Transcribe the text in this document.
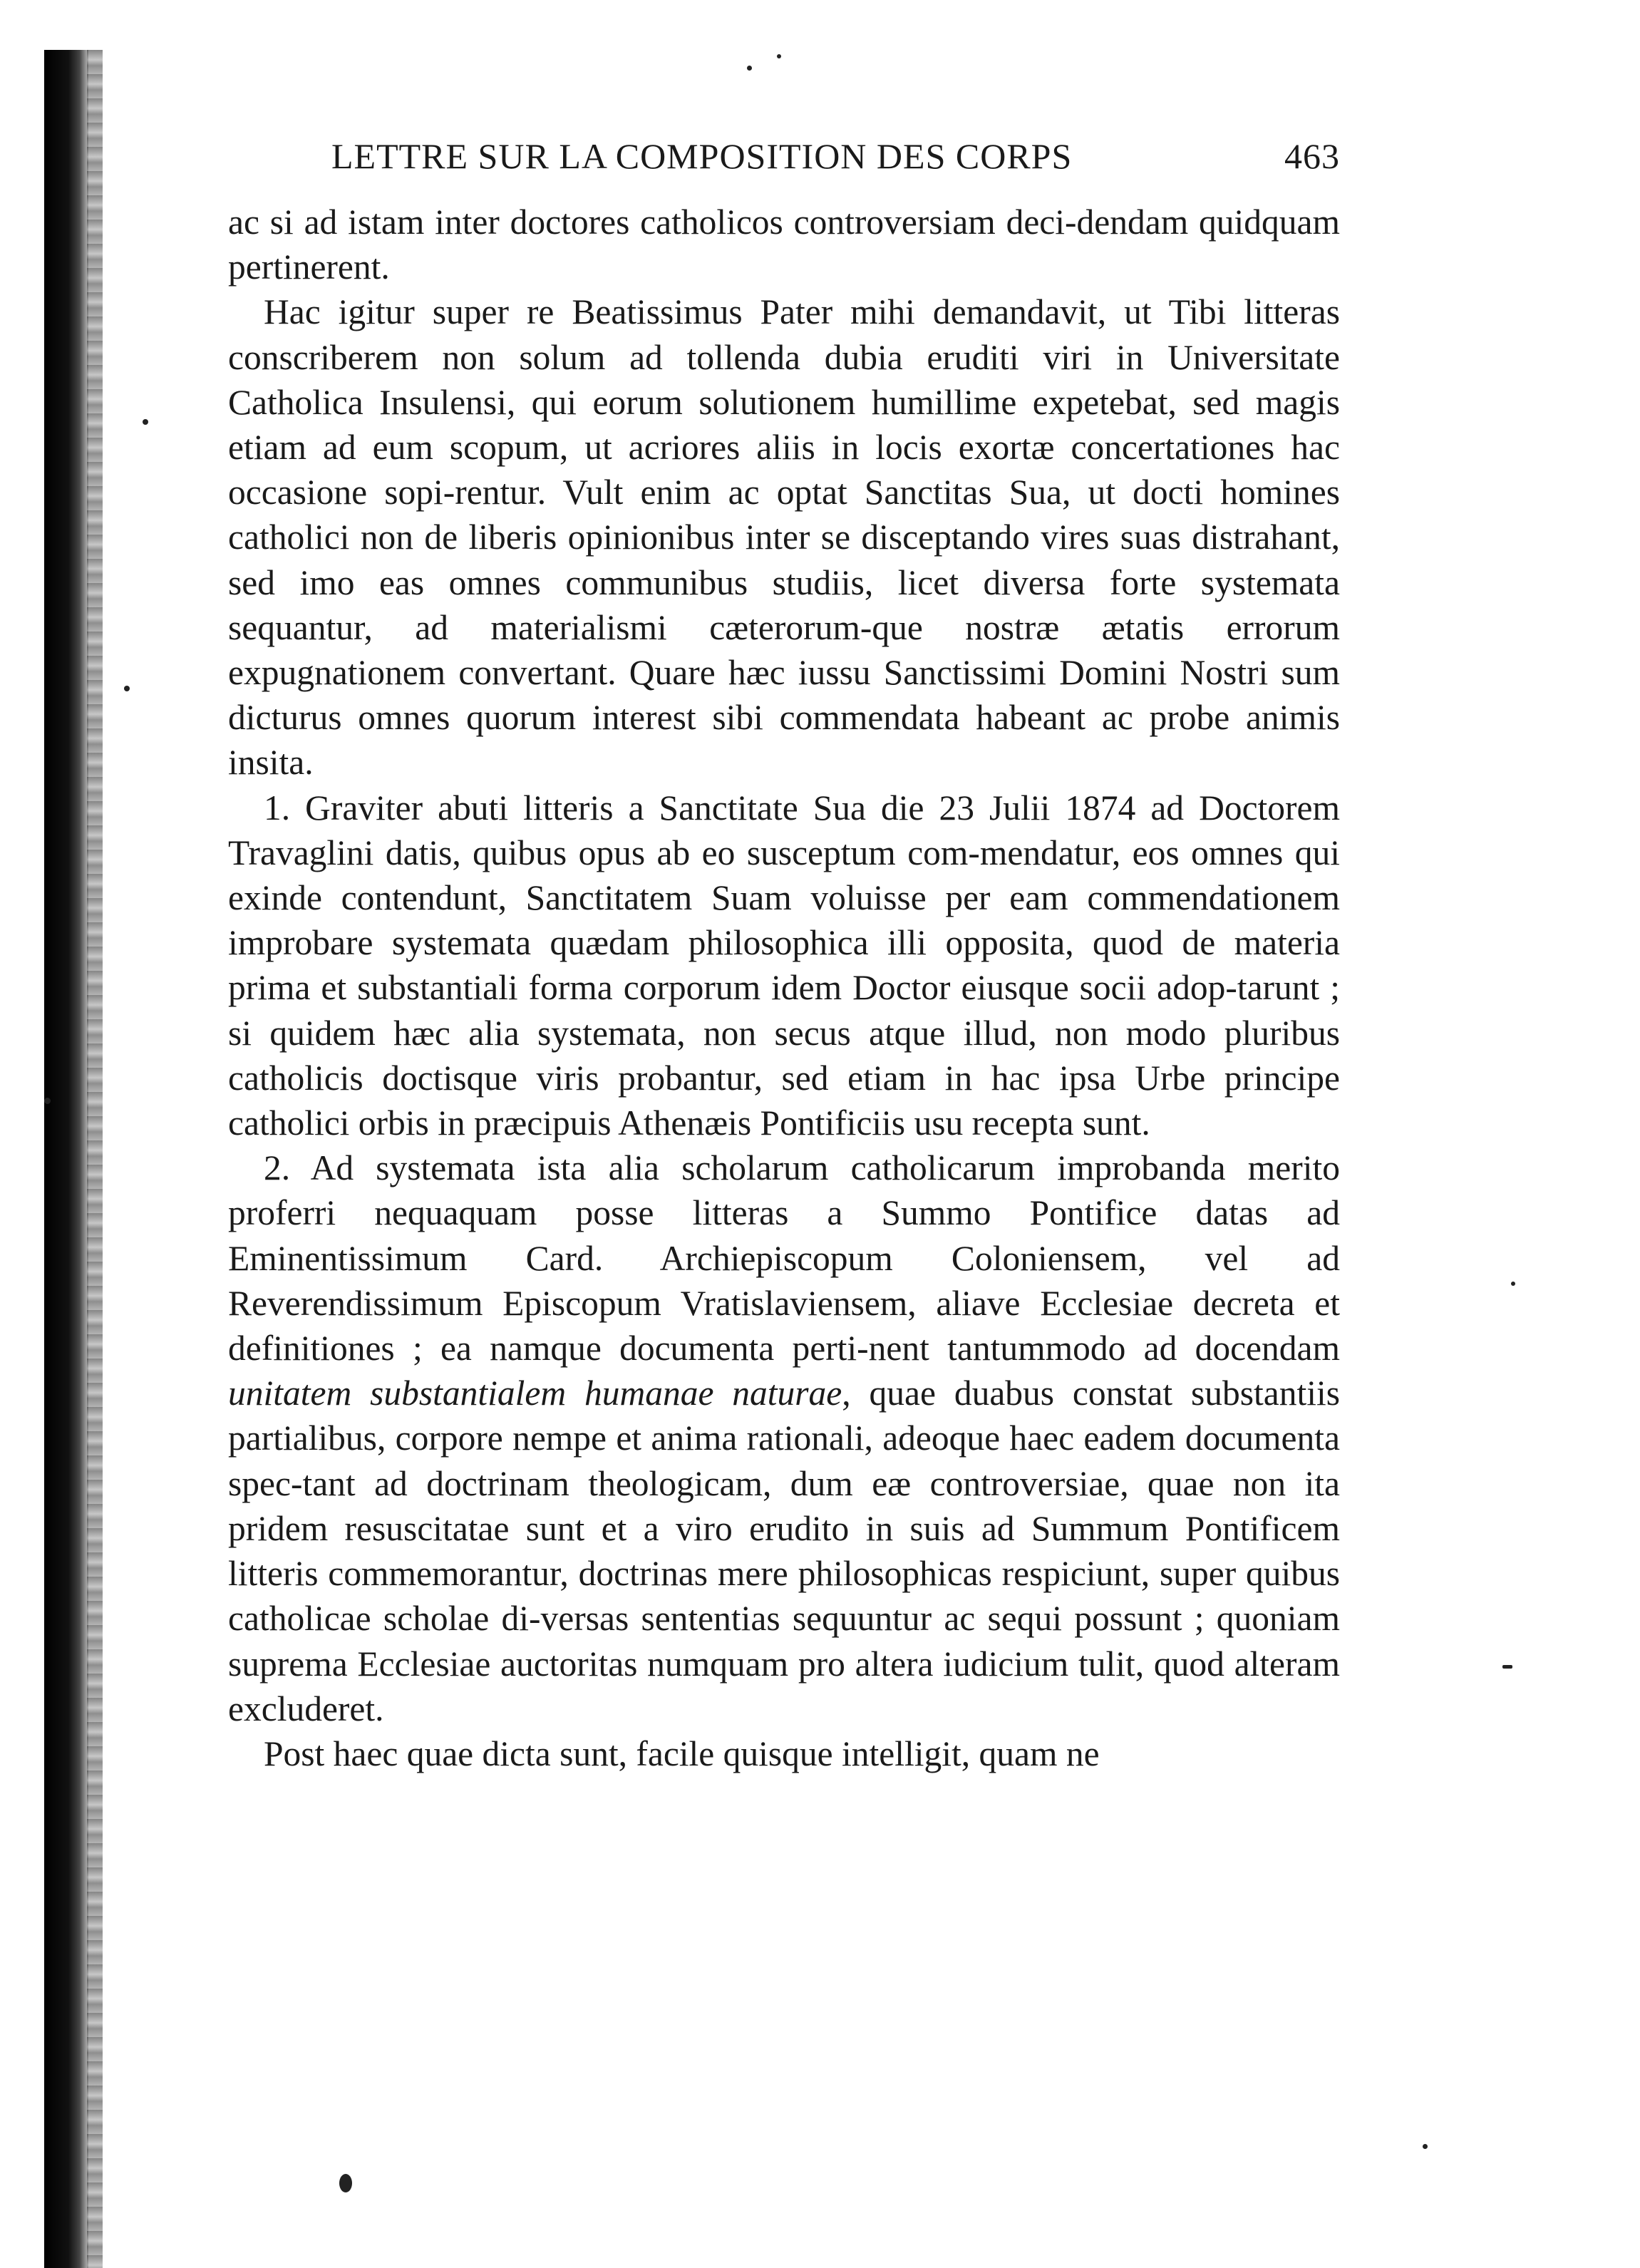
LETTRE SUR LA COMPOSITION DES CORPS	463

ac si ad istam inter doctores catholicos controversiam deci-dendam quidquam pertinerent.

Hac igitur super re Beatissimus Pater mihi demandavit, ut Tibi litteras conscriberem non solum ad tollenda dubia eruditi viri in Universitate Catholica Insulensi, qui eorum solutionem humillime expetebat, sed magis etiam ad eum scopum, ut acriores aliis in locis exortæ concertationes hac occasione sopi-rentur. Vult enim ac optat Sanctitas Sua, ut docti homines catholici non de liberis opinionibus inter se disceptando vires suas distrahant, sed imo eas omnes communibus studiis, licet diversa forte systemata sequantur, ad materialismi cæterorum-que nostræ ætatis errorum expugnationem convertant. Quare hæc iussu Sanctissimi Domini Nostri sum dicturus omnes quorum interest sibi commendata habeant ac probe animis insita.

1. Graviter abuti litteris a Sanctitate Sua die 23 Julii 1874 ad Doctorem Travaglini datis, quibus opus ab eo susceptum com-mendatur, eos omnes qui exinde contendunt, Sanctitatem Suam voluisse per eam commendationem improbare systemata quædam philosophica illi opposita, quod de materia prima et substantiali forma corporum idem Doctor eiusque socii adop-tarunt ; si quidem hæc alia systemata, non secus atque illud, non modo pluribus catholicis doctisque viris probantur, sed etiam in hac ipsa Urbe principe catholici orbis in præcipuis Athenæis Pontificiis usu recepta sunt.

2. Ad systemata ista alia scholarum catholicarum improbanda merito proferri nequaquam posse litteras a Summo Pontifice datas ad Eminentissimum Card. Archiepiscopum Coloniensem, vel ad Reverendissimum Episcopum Vratislaviensem, aliave Ecclesiae decreta et definitiones ; ea namque documenta perti-nent tantummodo ad docendam unitatem substantialem humanae naturae, quae duabus constat substantiis partialibus, corpore nempe et anima rationali, adeoque haec eadem documenta spec-tant ad doctrinam theologicam, dum eæ controversiae, quae non ita pridem resuscitatae sunt et a viro erudito in suis ad Summum Pontificem litteris commemorantur, doctrinas mere philosophicas respiciunt, super quibus catholicae scholae di-versas sententias sequuntur ac sequi possunt ; quoniam suprema Ecclesiae auctoritas numquam pro altera iudicium tulit, quod alteram excluderet.

Post haec quae dicta sunt, facile quisque intelligit, quam ne
